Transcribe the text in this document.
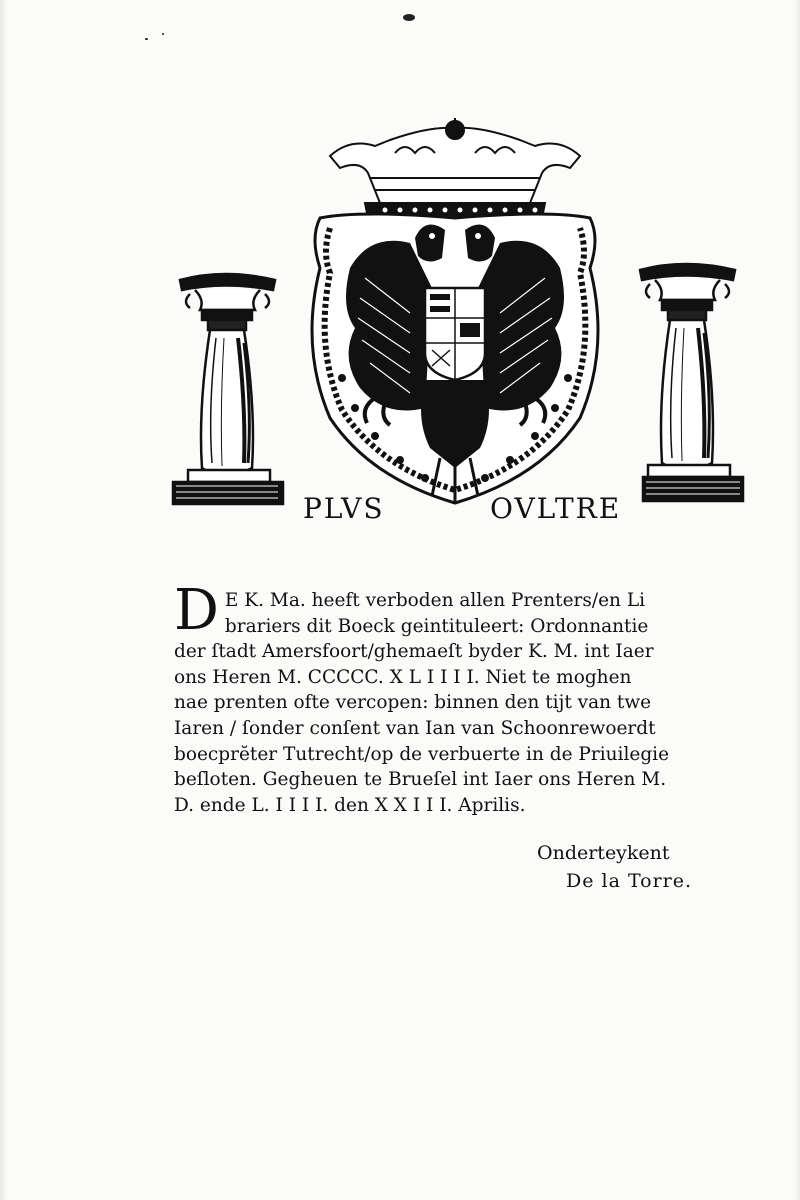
PLVS	OVLTRE
D E K. Ma. heeft verboden allen Prenters/en Li
brariers dit Boeck geintituleert: Ordonnantie
der ſtadt Amersfoort/ghemaeſt byder K. M. int Iaer
ons Heren M. CCCCC. X L I I I I. Niet te moghen
nae prenten ofte vercopen: binnen den tijt van twe
Iaren / ſonder conſent van Ian van Schoonrewoerdt
boecprĕter Tutrecht/op de verbuerte in de Priuilegie
beſloten. Gegheuen te Brueſel int Iaer ons Heren M.
D. ende L. I I I I. den X X I I I. Aprilis.
Onderteykent
De la Torre.
